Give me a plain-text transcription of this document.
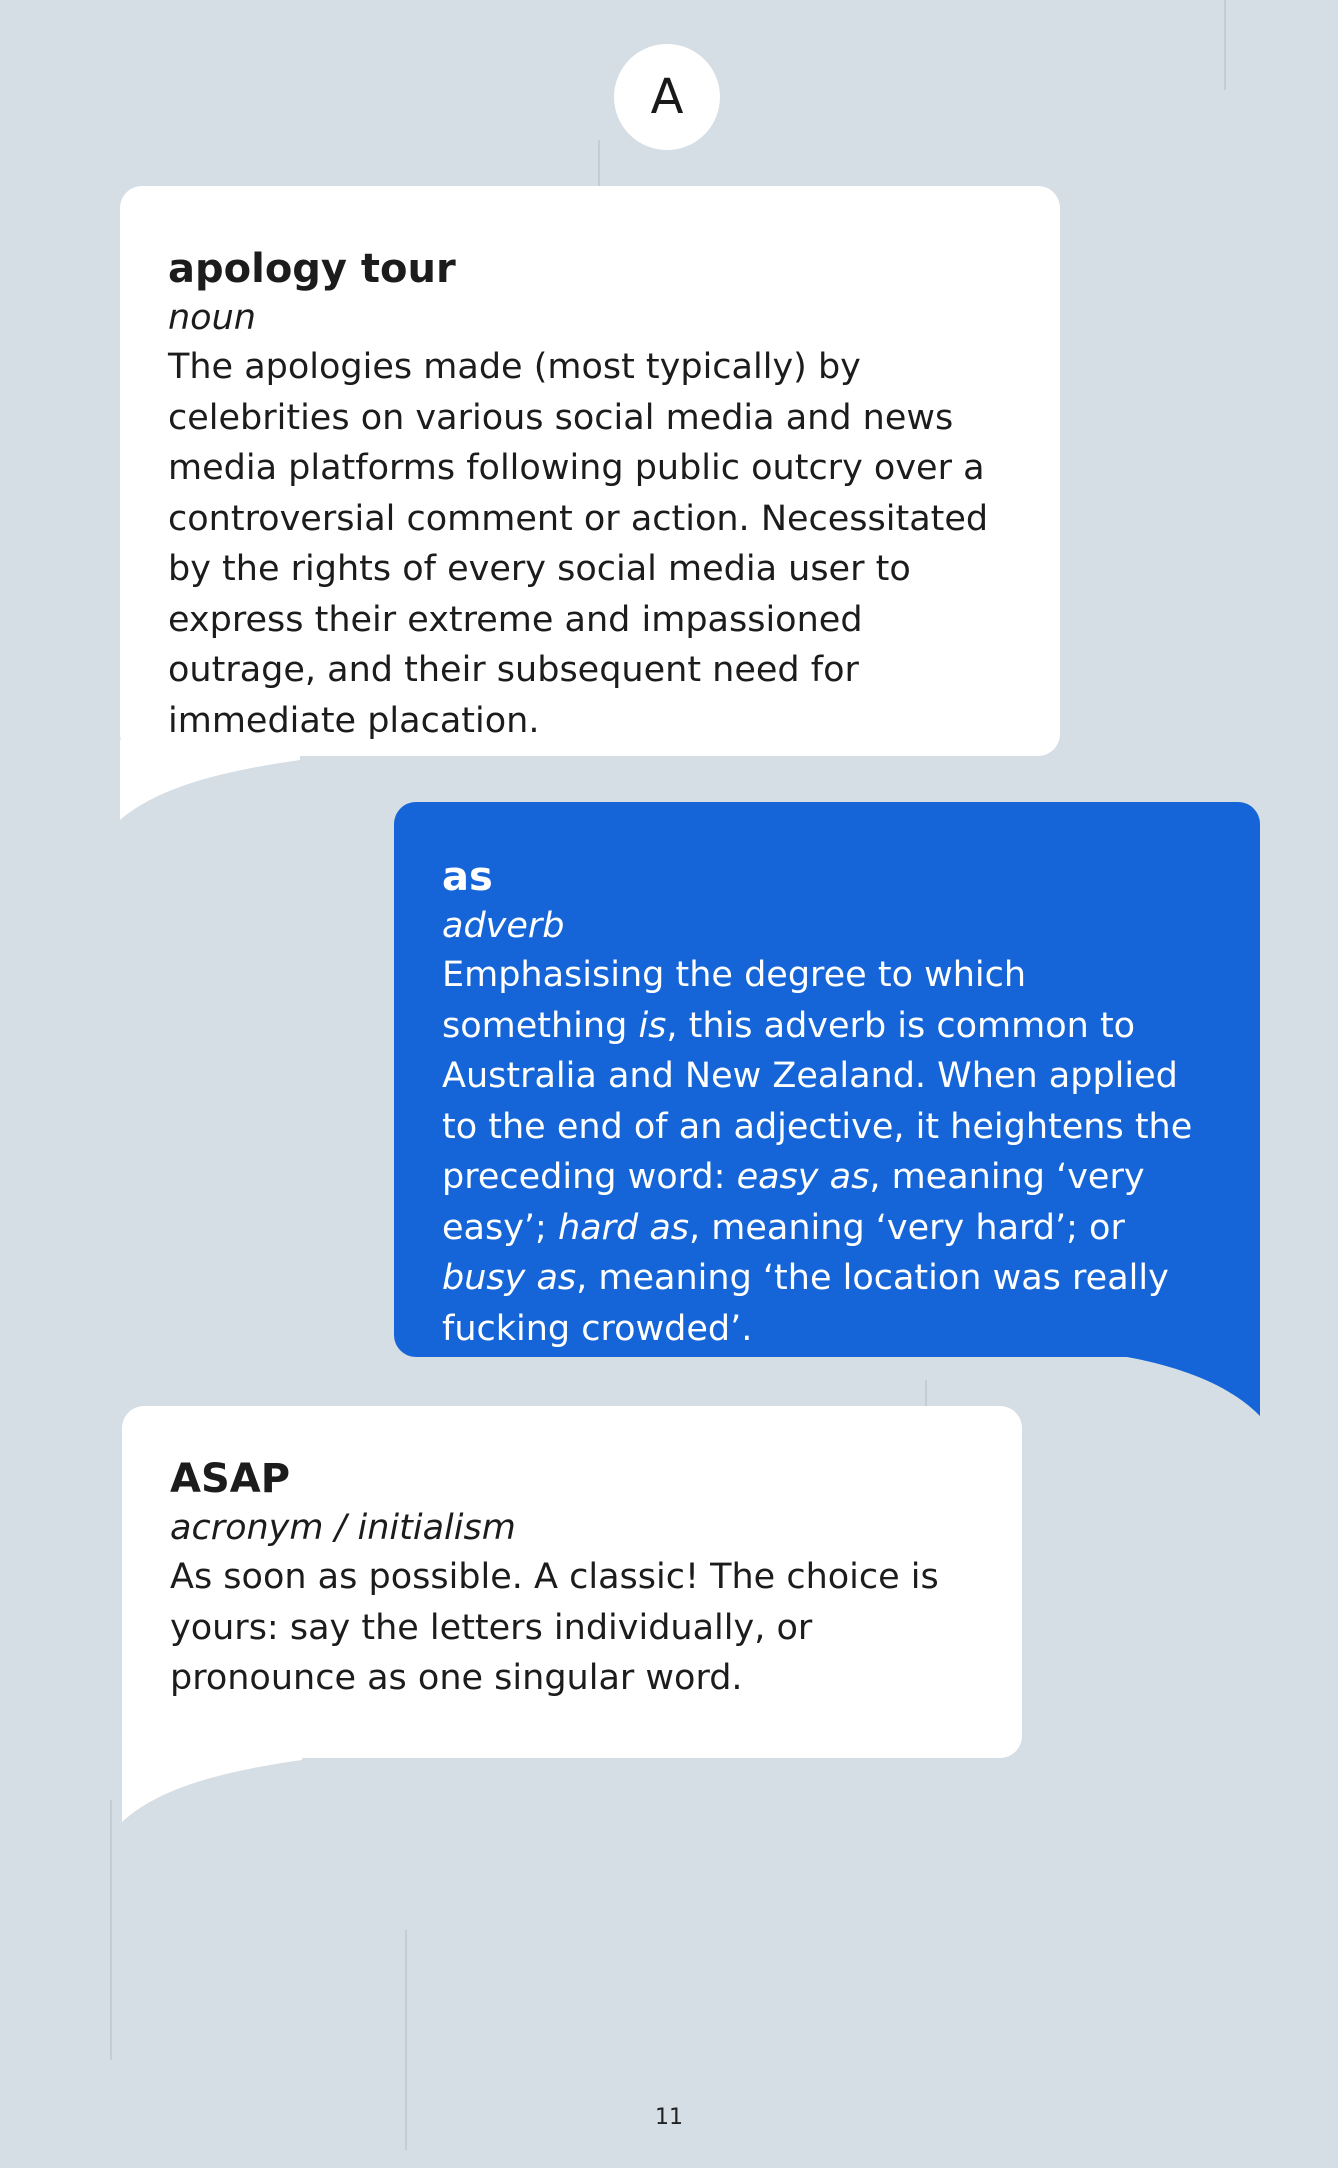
A

apology tour

noun

The apologies made (most typically) by celebrities on various social media and news media platforms following public outcry over a controversial comment or action. Necessitated by the rights of every social media user to express their extreme and impassioned outrage, and their subsequent need for immediate placation.

as

adverb

Emphasising the degree to which something is, this adverb is common to Australia and New Zealand. When applied to the end of an adjective, it heightens the preceding word: easy as, meaning ‘very easy’; hard as, meaning ‘very hard’; or busy as, meaning ‘the location was really fucking crowded’.

ASAP

acronym / initialism

As soon as possible. A classic! The choice is yours: say the letters individually, or pronounce as one singular word.

11
